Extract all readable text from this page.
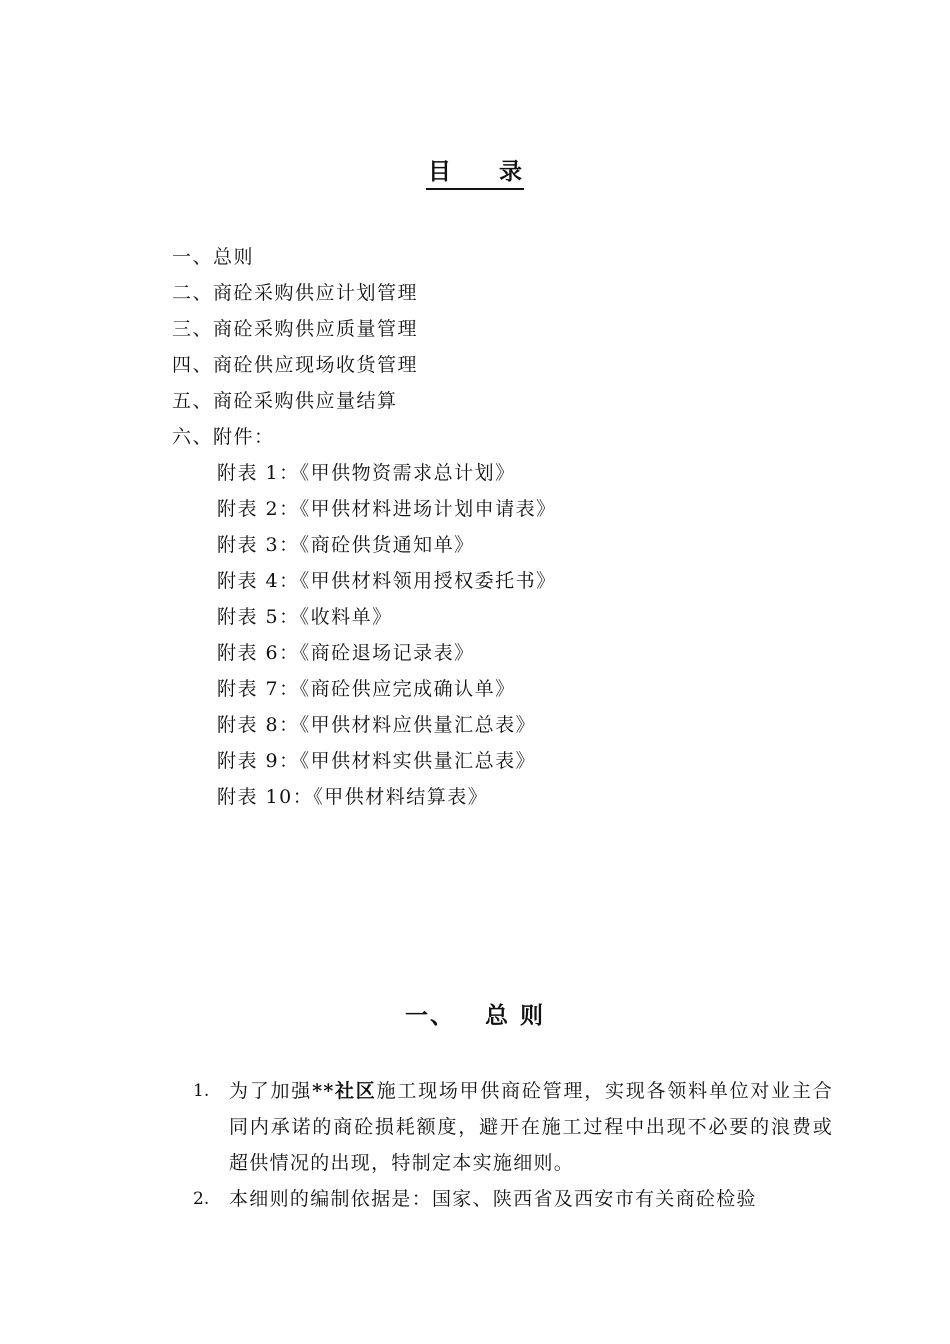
目      录
一、总则
二、商砼采购供应计划管理
三、商砼采购供应质量管理
四、商砼供应现场收货管理
五、商砼采购供应量结算
六、附件：
附表 1：《甲供物资需求总计划》
附表 2：《甲供材料进场计划申请表》
附表 3：《商砼供货通知单》
附表 4：《甲供材料领用授权委托书》
附表 5：《收料单》
附表 6：《商砼退场记录表》
附表 7：《商砼供应完成确认单》
附表 8：《甲供材料应供量汇总表》
附表 9：《甲供材料实供量汇总表》
附表 10：《甲供材料结算表》
一、   总 则
1. 为了加强**社区施工现场甲供商砼管理，实现各领料单位对业主合同内承诺的商砼损耗额度，避开在施工过程中出现不必要的浪费或超供情况的出现，特制定本实施细则。
2. 本细则的编制依据是：国家、陕西省及西安市有关商砼检验
